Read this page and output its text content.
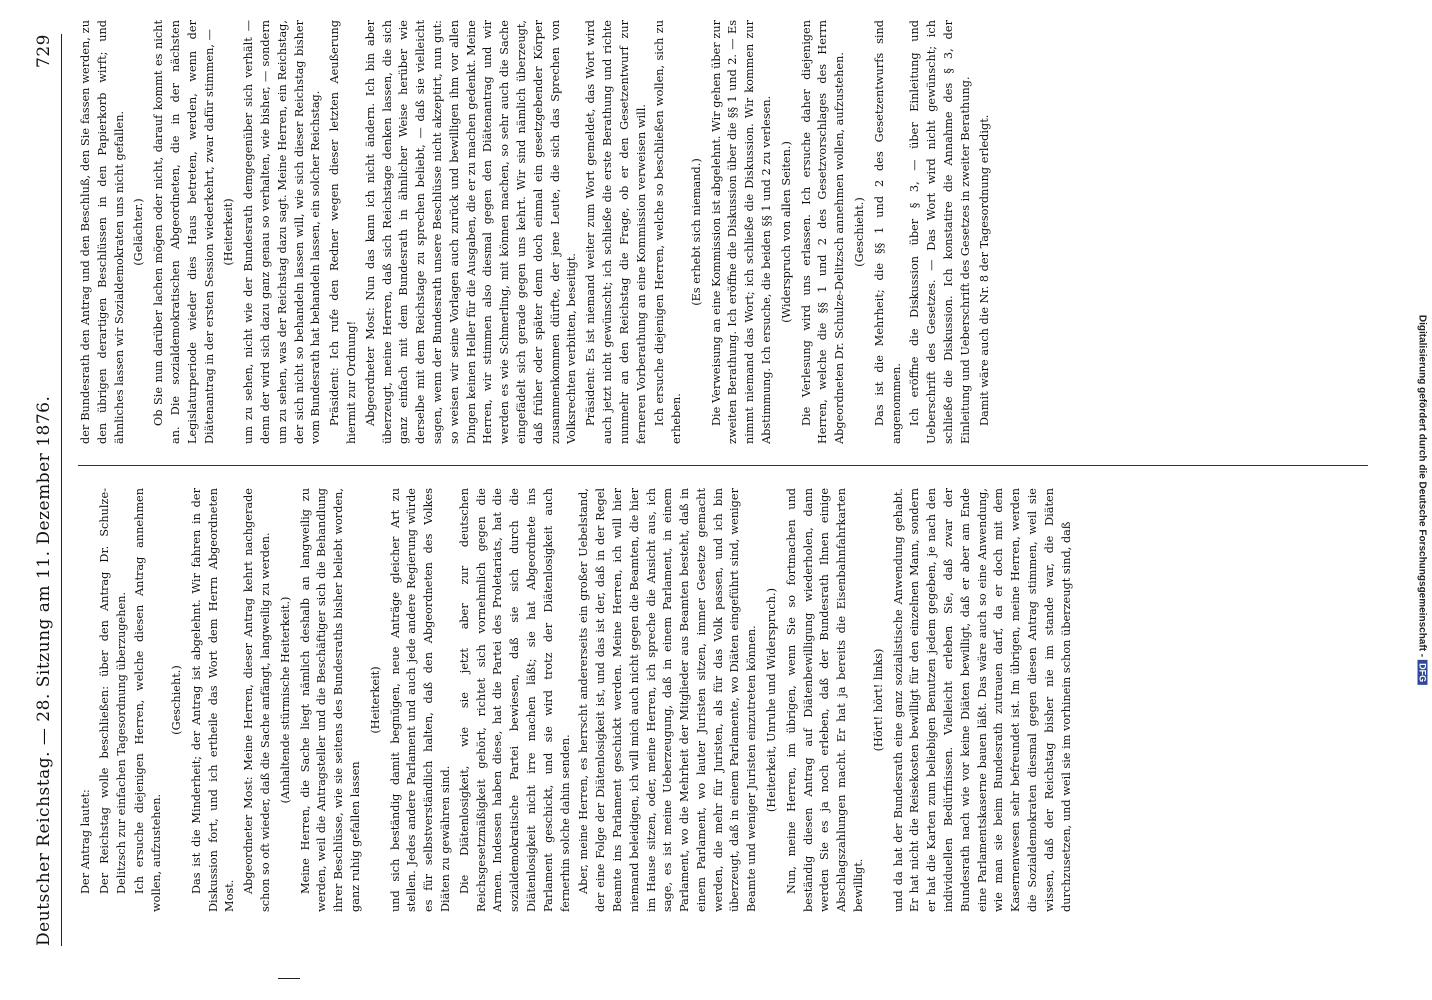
Deutscher Reichstag. — 28. Sitzung am 11. Dezember 1876.
729

Der Antrag lautet: Der Reichstag wolle beschließen: über den Antrag Dr. Schulze-Delitzsch zur einfachen Tagesordnung überzugehen. Ich ersuche diejenigen Herren, welche diesen Antrag annehmen wollen, aufzustehen.

(Geschieht.) Das ist die Minderheit; der Antrag ist abgelehnt. Wir fahren in der Diskussion fort, und ich ertheile das Wort dem Herrn Abgeordneten Most.

Abgeordneter Most: Meine Herren, dieser Antrag kehrt nachgerade schon so oft wieder, daß die Sache anfängt, langweilig zu werden. (Anhaltende stürmische Heiterkeit.) Meine Herren, die Sache liegt nämlich deshalb an langweilig zu werden, weil die Antragsteller und die Beschäftiger sich die Behandlung ihrer Beschlüsse, wie sie seitens des Bundesraths bisher beliebt worden, ganz ruhig gefallen lassen

(Heiterkeit) und sich beständig damit begnügen, neue Anträge gleicher Art zu stellen. Jedes andere Parlament und auch jede andere Regierung würde es für selbstverständlich halten, daß den Abgeordneten des Volkes Diäten zu gewähren sind. Die Diätenlosigkeit, wie sie jetzt aber zur deutschen Reichsgesetzmäßigkeit gehört, richtet sich vornehmlich gegen die Armen. Indessen haben diese, hat die Partei des Proletariats, hat die sozialdemokratische Partei bewiesen, daß sie sich durch die Diätenlosigkeit nicht irre machen läßt; sie hat Abgeordnete ins Parlament geschickt, und sie wird trotz der Diätenlosigkeit auch fernerhin solche dahin senden. Aber, meine Herren, es herrscht andererseits ein großer Uebelstand, der eine Folge der Diätenlosigkeit ist, und das ist der, daß in der Regel Beamte ins Parlament geschickt werden. Meine Herren, ich will hier niemand beleidigen, ich will mich auch nicht gegen die Beamten, die hier im Hause sitzen, oder, meine Herren, ich spreche die Ansicht aus, ich sage, es ist meine Ueberzeugung, daß in einem Parlament, in einem Parlament, wo die Mehrheit der Mitglieder aus Beamten besteht, daß in einem Parlament, wo lauter Juristen sitzen, immer Gesetze gemacht werden, die mehr für Juristen, als für das Volk passen, und ich bin überzeugt, daß in einem Parlamente, wo Diäten eingeführt sind, weniger Beamte und weniger Juristen einzutreten können. (Heiterkeit, Unruhe und Widerspruch.) Nun, meine Herren, im übrigen, wenn Sie so fortmachen und beständig diesen Antrag auf Diätenbewilligung wiederholen, dann werden Sie es ja noch erleben, daß der Bundesrath Ihnen einige Abschlagszahlungen macht. Er hat ja bereits die Eisenbahnfahrkarten bewilligt.

(Hört! hört! links) und da hat der Bundesrath eine ganz sozialistische Anwendung gehabt. Er hat nicht die Reisekosten bewilligt für den einzelnen Mann, sondern er hat die Karten zum beliebigen Benutzen jedem gegeben, je nach den individuellen Bedürfnissen. Vielleicht erleben Sie, daß zwar der Bundesrath nach wie vor keine Diäten bewilligt, daß er aber am Ende eine Parlamentskaserne bauen läßt. Das wäre auch so eine Anwendung, wie man sie beim Bundesrath zutrauen darf, da er doch mit dem Kasernenwesen sehr befreundet ist. Im übrigen, meine Herren, werden die Sozialdemokraten diesmal gegen diesen Antrag stimmen, weil sie wissen, daß der Reichstag bisher nie im stande war, die Diäten durchzusetzen, und weil sie im vorhinein schon überzeugt sind, daß

der Bundesrath den Antrag und den Beschluß, den Sie fassen werden, zu den übrigen derartigen Beschlüssen in den Papierkorb wirft; und ähnliches lassen wir Sozialdemokraten uns nicht gefallen. (Gelächter.) Ob Sie nun darüber lachen mögen oder nicht, darauf kommt es nicht an. Die sozialdemokratischen Abgeordneten, die in der nächsten Legislaturperiode wieder dies Haus betreten, werden, wenn der Diätenantrag in der ersten Session wiederkehrt, zwar dafür stimmen, — (Heiterkeit) um zu sehen, nicht wie der Bundesrath demgegenüber sich verhält — denn der wird sich dazu ganz genau so verhalten, wie bisher, — sondern um zu sehen, was der Reichstag dazu sagt. Meine Herren, ein Reichstag, der sich nicht so behandeln lassen will, wie sich dieser Reichstag bisher vom Bundesrath hat behandeln lassen, ein solcher Reichstag. Präsident: Ich rufe den Redner wegen dieser letzten Aeußerung hiermit zur Ordnung! Abgeordneter Most: Nun das kann ich nicht ändern. Ich bin aber überzeugt, meine Herren, daß sich Reichstage denken lassen, die sich ganz einfach mit dem Bundesrath in ähnlicher Weise herüber wie derselbe mit dem Reichstage zu sprechen beliebt, — daß sie vielleicht sagen, wenn der Bundesrath unsere Beschlüsse nicht akzeptirt, nun gut: so weisen wir seine Vorlagen auch zurück und bewilligen ihm vor allen Dingen keinen Heller für die Ausgaben, die er zu machen gedenkt. Meine Herren, wir stimmen also diesmal gegen den Diätenantrag und wir werden es wie Schmerling, mit können machen, so sehr auch die Sache eingefädelt sich gerade gegen uns kehrt. Wir sind nämlich überzeugt, daß früher oder später denn doch einmal ein gesetzgebender Körper zusammenkommen dürfte, der jene Leute, die sich das Sprechen von Volksrechten verbitten, beseitigt. Präsident: Es ist niemand weiter zum Wort gemeldet, das Wort wird auch jetzt nicht gewünscht; ich schließe die erste Berathung und richte nunmehr an den Reichstag die Frage, ob er den Gesetzentwurf zur ferneren Vorberathung an eine Kommission verweisen will. Ich ersuche diejenigen Herren, welche so beschließen wollen, sich zu erheben.

(Es erhebt sich niemand.) Die Verweisung an eine Kommission ist abgelehnt. Wir gehen über zur zweiten Berathung. Ich eröffne die Diskussion über die §§ 1 und 2. — Es nimmt niemand das Wort; ich schließe die Diskussion. Wir kommen zur Abstimmung. Ich ersuche, die beiden §§ 1 und 2 zu verlesen. (Widerspruch von allen Seiten.) Die Verlesung wird uns erlassen. Ich ersuche daher diejenigen Herren, welche die §§ 1 und 2 des Gesetzvorschlages des Herrn Abgeordneten Dr. Schulze-Delitzsch annehmen wollen, aufzustehen. (Geschieht.) Das ist die Mehrheit; die §§ 1 und 2 des Gesetzentwurfs sind angenommen. Ich eröffne die Diskussion über § 3, — über Einleitung und Ueberschrift des Gesetzes. — Das Wort wird nicht gewünscht; ich schließe die Diskussion. Ich konstatire die Annahme des § 3, der Einleitung und Ueberschrift des Gesetzes in zweiter Berathung. Damit wäre auch die Nr. 8 der Tagesordnung erledigt.

Digitalisierung gefördert durch die Deutsche Forschungsgemeinschaft -DFG
